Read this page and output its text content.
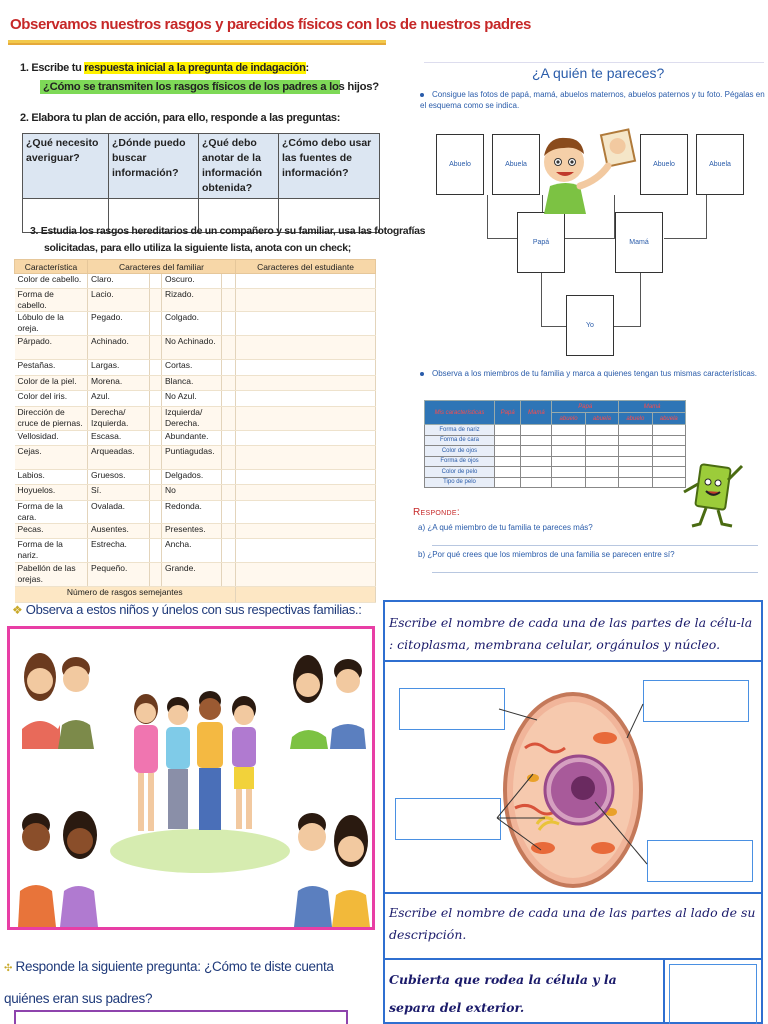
Observamos nuestros rasgos y parecidos físicos con los de nuestros padres
1. Escribe tu respuesta inicial a la pregunta de indagación:
¿Cómo se transmiten los rasgos físicos de los padres a los hijos?
2. Elabora tu plan de acción, para ello, responde a las preguntas:
¿Qué necesito averiguar?	¿Dónde puedo buscar información?	¿Qué debo anotar de la información obtenida?	¿Cómo debo usar las fuentes de información?

3. Estudia los rasgos hereditarios de un compañero y su familiar, usa las fotografías
solicitadas, para ello utiliza la siguiente lista, anota con un check;
Característica	Caracteres del familiar				Caracteres del estudiante
Color de cabello.	Claro.		Oscuro.		
Forma de cabello.	Lacio.		Rizado.		
Lóbulo de la oreja.	Pegado.		Colgado.		
Párpado.	Achinado.		No Achinado.		
Pestañas.	Largas.		Cortas.		
Color de la piel.	Morena.		Blanca.		
Color del iris.	Azul.		No Azul.		
Dirección de cruce de piernas.	Derecha/ Izquierda.		Izquierda/ Derecha.		
Vellosidad.	Escasa.		Abundante.		
Cejas.	Arqueadas.		Puntiagudas.		
Labios.	Gruesos.		Delgados.		
Hoyuelos.	Sí.		No		
Forma de la cara.	Ovalada.		Redonda.		
Pecas.	Ausentes.		Presentes.		
Forma de la nariz.	Estrecha.		Ancha.		
Pabellón de las orejas.	Pequeño.		Grande.		
Número de rasgos semejantes					
¿A quién te pareces?
Consigue las fotos de papá, mamá, abuelos maternos, abuelos paternos y tu foto. Pégalas en el esquema como se indica.
Abuelo	Abuela	Abuelo	Abuela
Papá	Mamá
Yo
Observa a los miembros de tu familia y marca a quienes tengan tus mismas características.
Mis características	Papá	Mamá	Papá		Mamá	
			abuelo	abuela	abuelo	abuela
Forma de nariz						
Forma de cara						
Color de ojos						
Forma de ojos						
Color de pelo						
Tipo de pelo						
Responde:
a) ¿A qué miembro de tu familia te pareces más?
b) ¿Por qué crees que los miembros de una familia se parecen entre sí?
❖ Observa a estos niños y únelos con sus respectivas familias.:
✣ Responde la siguiente pregunta: ¿Cómo te diste cuenta quiénes eran sus padres?
Escribe el nombre de cada una de las partes de la célu-la : citoplasma, membrana celular, orgánulos y núcleo.
Escribe el nombre de cada una de las partes al lado de su descripción.
Cubierta que rodea la célula y la separa del exterior.
